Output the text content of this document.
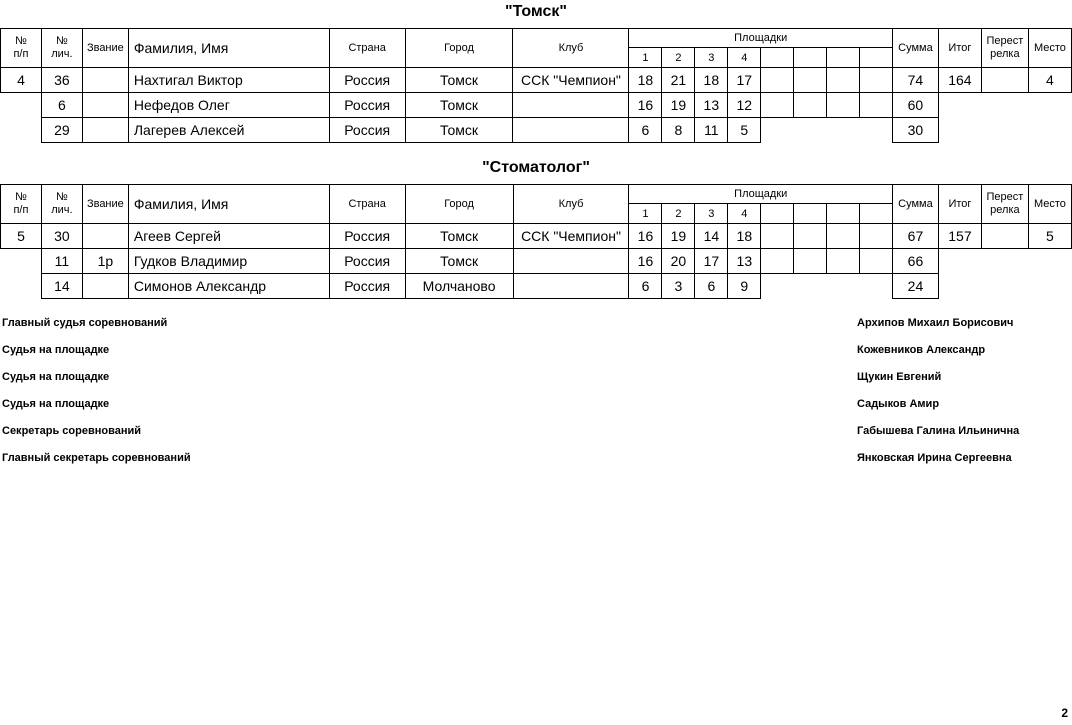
"Томск"
№
п/п	№
лич.	Звание	Фамилия, Имя	Страна	Город	Клуб	Площадки								Сумма	Итог	Перест
релка	Место
							1	2	3	4								
4	36		Нахтигал Виктор	Россия	Томск	ССК "Чемпион"	18	21	18	17					74	164		4
	6		Нефедов Олег	Россия	Томск		16	19	13	12					60			
	29		Лагерев Алексей	Россия	Томск		6	8	11	5					30			
"Стоматолог"
№
п/п	№
лич.	Звание	Фамилия, Имя	Страна	Город	Клуб	Площадки								Сумма	Итог	Перест
релка	Место
							1	2	3	4								
5	30		Агеев Сергей	Россия	Томск	ССК "Чемпион"	16	19	14	18					67	157		5
	11	1р	Гудков Владимир	Россия	Томск		16	20	17	13					66			
	14		Симонов Александр	Россия	Молчаново		6	3	6	9					24			
Главный судья соревнований	Архипов Михаил Борисович
Судья на площадке	Кожевников Александр
Судья на площадке	Щукин Евгений
Судья на площадке	Садыков Амир
Секретарь соревнований	Габышева Галина Ильинична
Главный секретарь соревнований	Янковская Ирина Сергеевна
2
